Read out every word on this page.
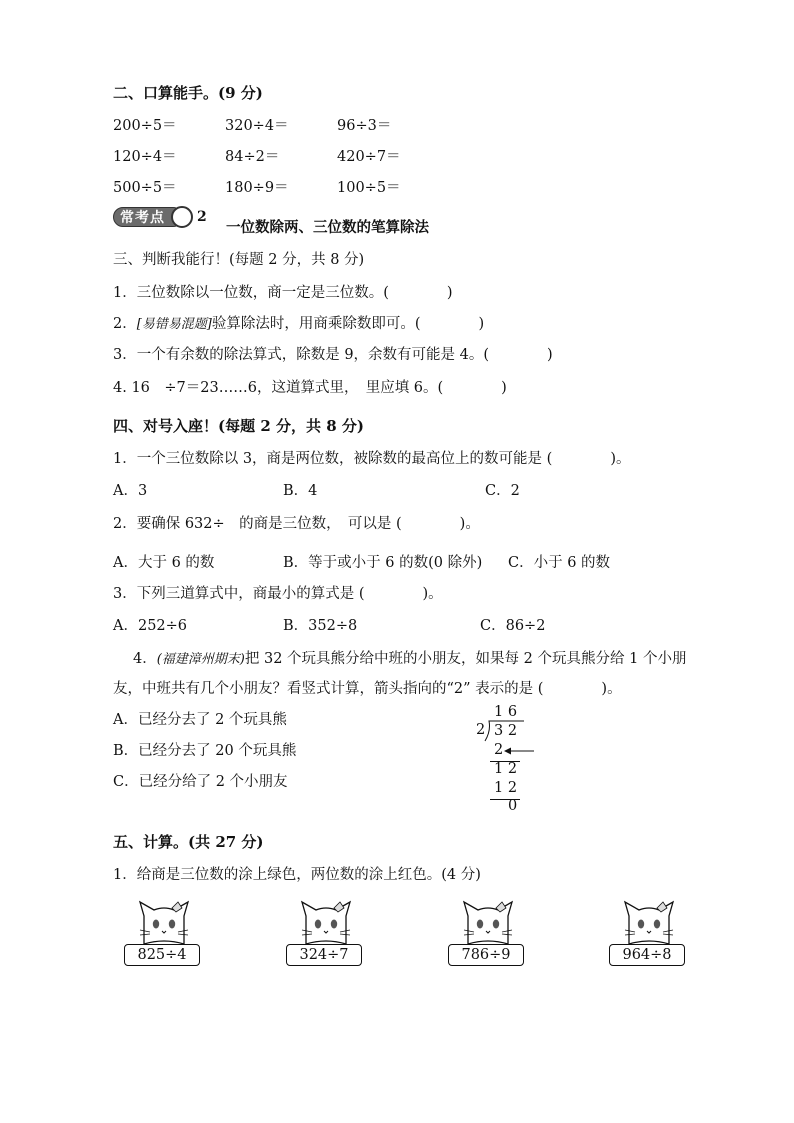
二、口算能手。(9 分)
200÷5＝	320÷4＝	96÷3＝
120÷4＝	84÷2＝	420÷7＝
500÷5＝	180÷9＝	100÷5＝
常考点	2
一位数除两、三位数的笔算除法
三、判断我能行！(每题 2 分，共 8 分)
1．三位数除以一位数，商一定是三位数。(　　　　)
2．[易错易混题]验算除法时，用商乘除数即可。(　　　　)
3．一个有余数的除法算式，除数是 9，余数有可能是 4。(　　　　)
4. 16　÷7＝23……6，这道算式里，　里应填 6。(　　　　)
四、对号入座！(每题 2 分，共 8 分)
1．一个三位数除以 3，商是两位数，被除数的最高位上的数可能是 (　　　　)。
A．3	B．4	C．2
2．要确保 632÷　的商是三位数，　可以是 (　　　　)。
A．大于 6 的数	B．等于或小于 6 的数(0 除外) C．小于 6 的数
3．下列三道算式中，商最小的算式是 (　　　　)。
A．252÷6	B．352÷8	C．86÷2
4．(福建漳州期末)把 32 个玩具熊分给中班的小朋友，如果每 2 个玩具熊分给 1 个小朋
友，中班共有几个小朋友？看竖式计算，箭头指向的“2” 表示的是 (　　　　)。
A．已经分去了 2 个玩具熊
B．已经分去了 20 个玩具熊
C．已经分给了 2 个小朋友
1 6
2 3 2
2
1 2
1 2
0
五、计算。(共 27 分)
1．给商是三位数的涂上绿色，两位数的涂上红色。(4 分)
825÷4	324÷7	786÷9	964÷8
